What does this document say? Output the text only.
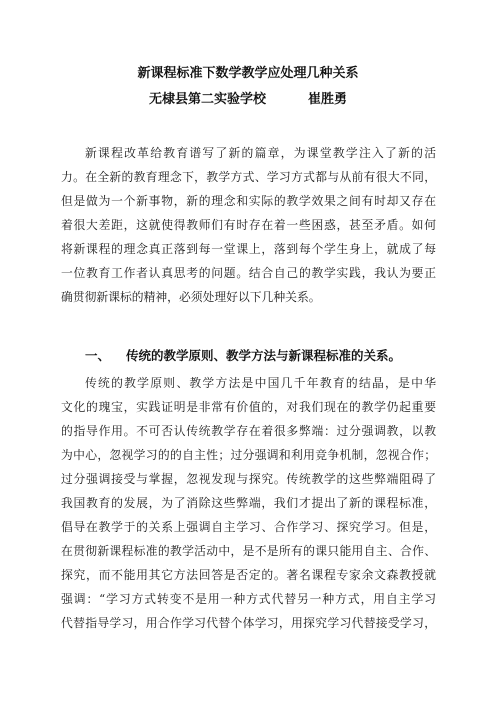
新课程标准下数学教学应处理几种关系
无棣县第二实验学校	崔胜勇
新课程改革给教育谱写了新的篇章，为课堂教学注入了新的活
力。在全新的教育理念下，教学方式、学习方式都与从前有很大不同，
但是做为一个新事物，新的理念和实际的教学效果之间有时却又存在
着很大差距，这就使得教师们有时存在着一些困惑，甚至矛盾。如何
将新课程的理念真正落到每一堂课上，落到每个学生身上，就成了每
一位教育工作者认真思考的问题。结合自己的教学实践，我认为要正
确贯彻新课标的精神，必须处理好以下几种关系。
一、 传统的教学原则、教学方法与新课程标准的关系。
传统的教学原则、教学方法是中国几千年教育的结晶，是中华
文化的瑰宝，实践证明是非常有价值的，对我们现在的教学仍起重要
的指导作用。不可否认传统教学存在着很多弊端：过分强调教，以教
为中心，忽视学习的的自主性；过分强调和利用竞争机制，忽视合作；
过分强调接受与掌握，忽视发现与探究。传统教学的这些弊端阻碍了
我国教育的发展，为了消除这些弊端，我们才提出了新的课程标准，
倡导在教学于的关系上强调自主学习、合作学习、探究学习。但是，
在贯彻新课程标准的教学活动中，是不是所有的课只能用自主、合作、
探究，而不能用其它方法回答是否定的。著名课程专家余文森教授就
强调：“学习方式转变不是用一种方式代替另一种方式，用自主学习
代替指导学习，用合作学习代替个体学习，用探究学习代替接受学习，
